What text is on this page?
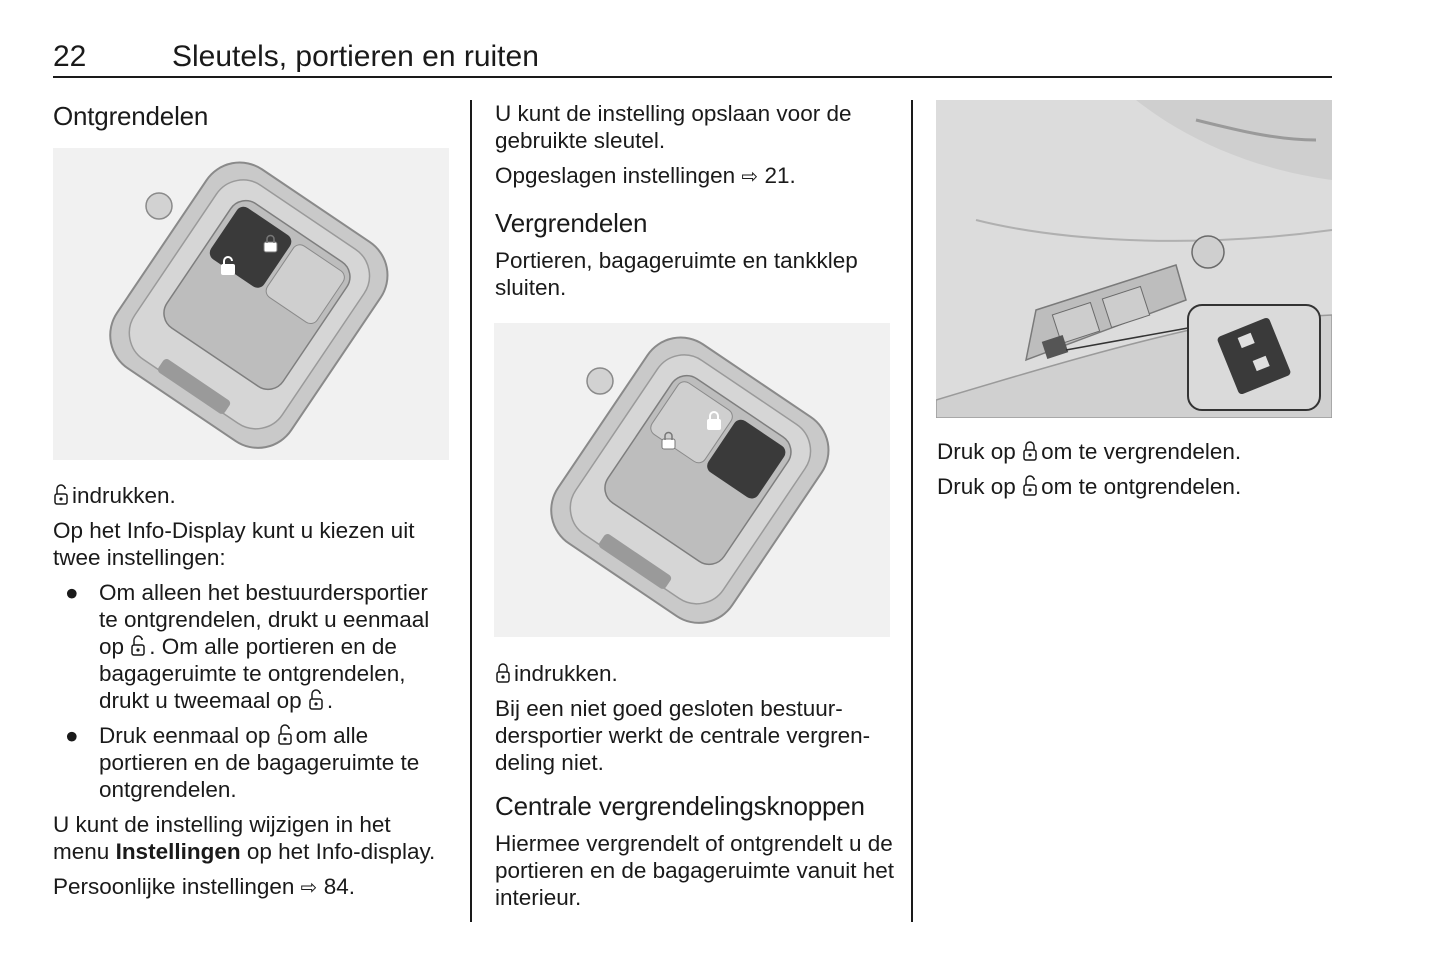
22	Sleutels, portieren en ruiten
Ontgrendelen

indrukken.

Op het Info-Display kunt u kiezen uit twee instellingen:

● Om alleen het bestuurdersportier
te ontgrendelen, drukt u eenmaal
op . Om alle portieren en de
bagageruimte te ontgrendelen,
drukt u tweemaal op .
● Druk eenmaal op om alle
portieren en de bagageruimte te
ontgrendelen.

U kunt de instelling wijzigen in het menu Instellingen op het Info-display.

Persoonlijke instellingen ⇨ 84.

U kunt de instelling opslaan voor de gebruikte sleutel.

Opgeslagen instellingen ⇨ 21.

Vergrendelen

Portieren, bagageruimte en tankklep sluiten.

indrukken.

Bij een niet goed gesloten bestuur-
dersportier werkt de centrale vergren-
deling niet.

Centrale vergrendelingsknoppen

Hiermee vergrendelt of ontgrendelt u de portieren en de bagageruimte vanuit het interieur.

Druk op om te vergrendelen.

Druk op om te ontgrendelen.
